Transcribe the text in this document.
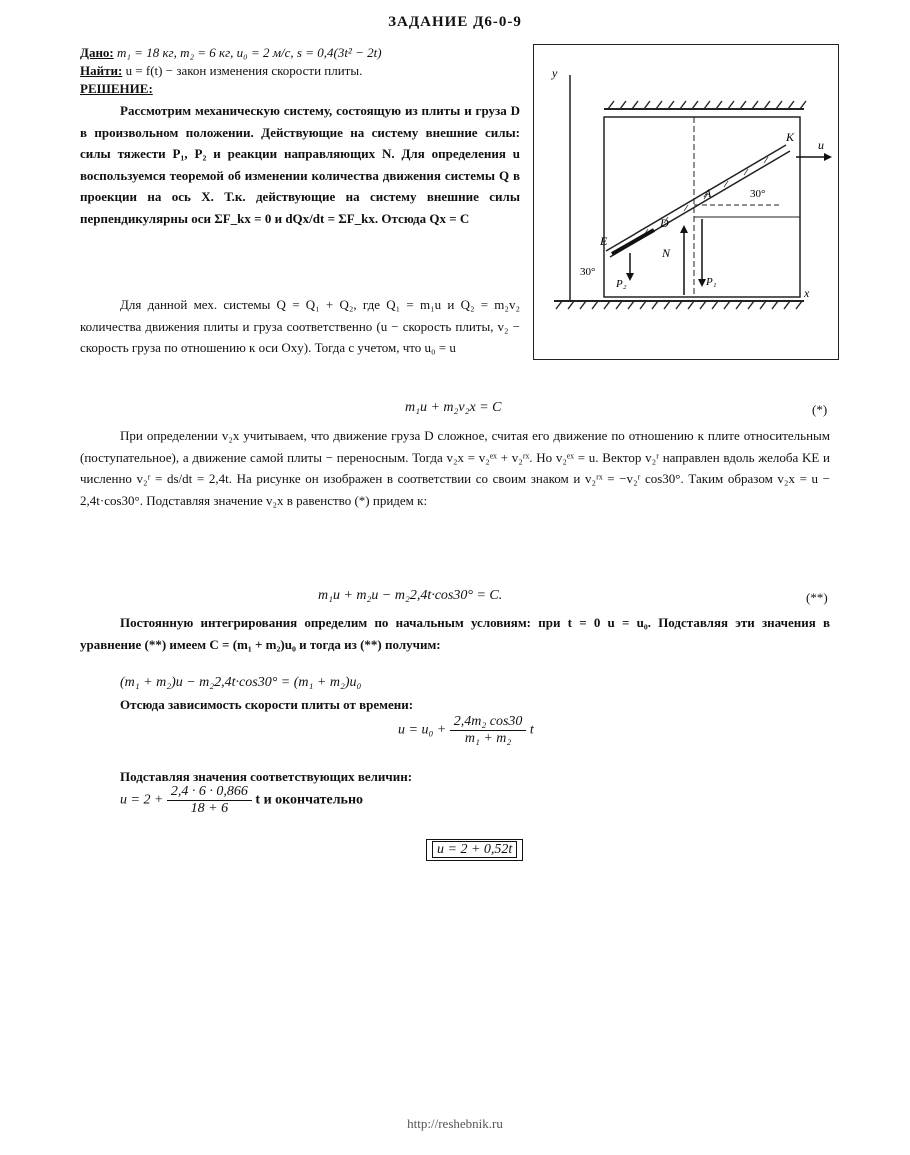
ЗАДАНИЕ Д6-0-9
Дано: m₁ = 18 кг, m₂ = 6 кг, u₀ = 2 м/с, s = 0,4(3t² − 2t)
Найти: u = f(t) − закон изменения скорости плиты.
РЕШЕНИЕ:
Рассмотрим механическую систему, состоящую из плиты и груза D в произвольном положении. Действующие на систему внешние силы: силы тяжести P₁, P₂ и реакции направляющих N. Для определения u воспользуемся теоремой об изменении количества движения системы Q в проекции на ось X. Т.к. действующие на систему внешние силы перпендикулярны оси ΣF_kx = 0 и dQx/dt = ΣF_kx. Отсюда Qx = C
Для данной мех. системы Q = Q₁ + Q₂, где Q₁ = m₁u и Q₂ = m₂v₂ количества движения плиты и груза соответственно (u − скорость плиты, v₂ − скорость груза по отношению к оси Oxy). Тогда с учетом, что u₀ = u
m₁u + m₂v₂x = C	(*)
При определении v₂x учитываем, что движение груза D сложное, считая его движение по отношению к плите относительным (поступательное), а движение самой плиты − переносным. Тогда v₂x = v₂ᵉˣ + v₂ʳˣ. Но v₂ᵉˣ = u. Вектор v₂ʳ направлен вдоль желоба KE и численно v₂ʳ = ds/dt = 2,4t. На рисунке он изображен в соответствии со своим знаком и v₂ʳˣ = −v₂ʳ cos30°. Таким образом v₂x = u − 2,4t·cos30°. Подставляя значение v₂x в равенство (*) придем к:
m₁u + m₂u − m₂2,4t·cos30° = C.	(**)
Постоянную интегрирования определим по начальным условиям: при t = 0 u = u₀. Подставляя эти значения в уравнение (**) имеем C = (m₁ + m₂)u₀ и тогда из (**) получим:
(m₁ + m₂)u − m₂2,4t·cos30° = (m₁ + m₂)u₀
Отсюда зависимость скорости плиты от времени:
$u = u_0 + \frac{\text{2,4m₂ cos30}}{\text{m₁ + m₂}}$ t
Подставляя значения соответствующих величин:
$u = 2 + \frac{2,4 \cdot 6 \cdot 0,866}{18 + 6}$ t и окончательно
u = 2 + 0,52t
y
K
E
A
D
30°
30°
u
N
P₂	P₁
x
http://reshebnik.ru
